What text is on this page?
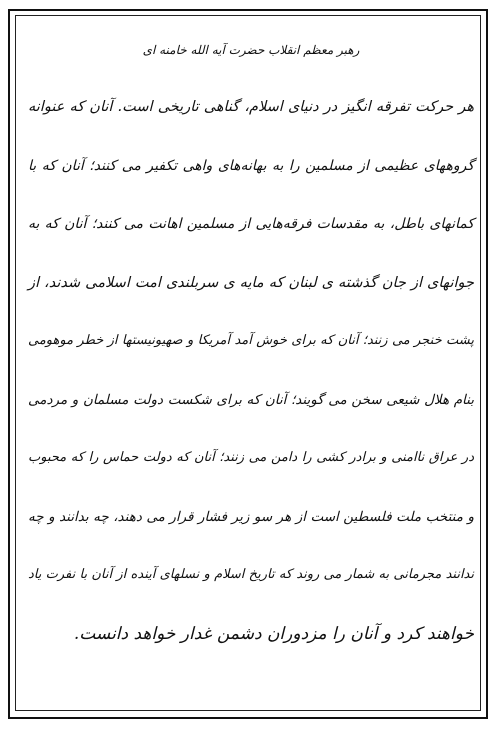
رهبر معظم انقلاب حضرت آیه الله خامنه ای
هر حرکت تفرقه انگیز در دنیای اسلام، گناهی تاریخی است. آنان که عنوانه
گروههای عظیمی از مسلمین را به بهانه‌های واهی تکفیر می کنند؛ آنان که با
کمانهای باطل، به مقدسات فرقه‌هایی از مسلمین اهانت می کنند؛ آنان که به
جوانهای از جان گذشته ی لبنان که مایه ی سربلندی امت اسلامی شدند، از
پشت خنجر می زنند؛ آنان که برای خوش آمد آمریکا و صهیونیستها از خطر موهومی
بنام هلال شیعی سخن می گویند؛ آنان که برای شکست دولت مسلمان و مردمی
در عراق ناامنی و برادر کشی را دامن می زنند؛ آنان که دولت حماس را که محبوب
و منتخب ملت فلسطین است از هر سو زیر فشار قرار می دهند، چه بدانند و چه
ندانند مجرمانی به شمار می روند که تاریخ اسلام و نسلهای آینده از آنان با نفرت یاد
خواهند کرد و آنان را مزدوران دشمن غدار خواهد دانست.
